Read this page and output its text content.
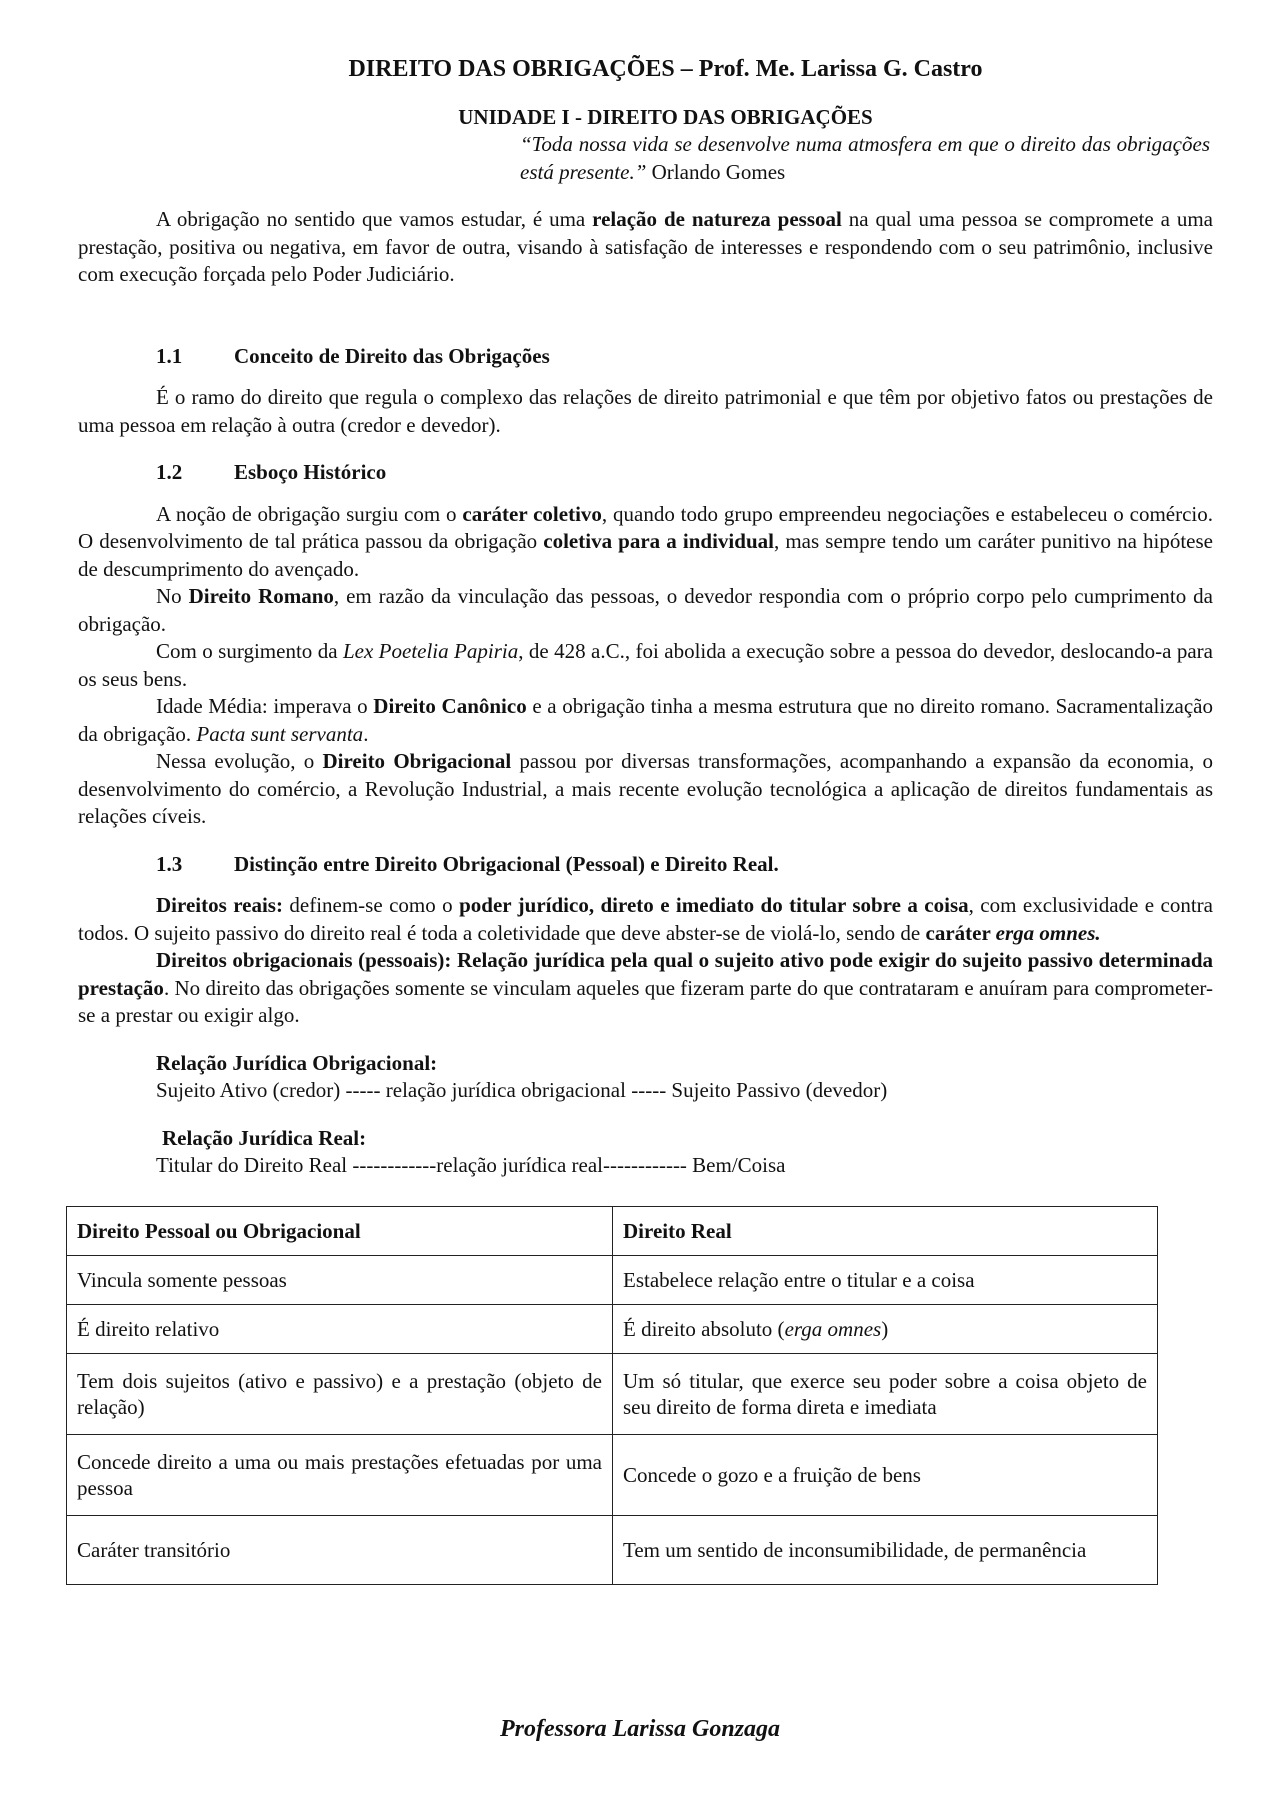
DIREITO DAS OBRIGAÇÕES – Prof. Me. Larissa G. Castro

UNIDADE I - DIREITO DAS OBRIGAÇÕES

“Toda nossa vida se desenvolve numa atmosfera em que o direito das obrigações está presente.” Orlando Gomes

A obrigação no sentido que vamos estudar, é uma relação de natureza pessoal na qual uma pessoa se compromete a uma prestação, positiva ou negativa, em favor de outra, visando à satisfação de interesses e respondendo com o seu patrimônio, inclusive com execução forçada pelo Poder Judiciário.

1.1 Conceito de Direito das Obrigações

É o ramo do direito que regula o complexo das relações de direito patrimonial e que têm por objetivo fatos ou prestações de uma pessoa em relação à outra (credor e devedor).

1.2 Esboço Histórico

A noção de obrigação surgiu com o caráter coletivo, quando todo grupo empreendeu negociações e estabeleceu o comércio. O desenvolvimento de tal prática passou da obrigação coletiva para a individual, mas sempre tendo um caráter punitivo na hipótese de descumprimento do avençado.

No Direito Romano, em razão da vinculação das pessoas, o devedor respondia com o próprio corpo pelo cumprimento da obrigação.

Com o surgimento da Lex Poetelia Papiria, de 428 a.C., foi abolida a execução sobre a pessoa do devedor, deslocando-a para os seus bens.

Idade Média: imperava o Direito Canônico e a obrigação tinha a mesma estrutura que no direito romano. Sacramentalização da obrigação. Pacta sunt servanta.

Nessa evolução, o Direito Obrigacional passou por diversas transformações, acompanhando a expansão da economia, o desenvolvimento do comércio, a Revolução Industrial, a mais recente evolução tecnológica a aplicação de direitos fundamentais as relações cíveis.

1.3 Distinção entre Direito Obrigacional (Pessoal) e Direito Real.

Direitos reais: definem-se como o poder jurídico, direto e imediato do titular sobre a coisa, com exclusividade e contra todos. O sujeito passivo do direito real é toda a coletividade que deve abster-se de violá-lo, sendo de caráter erga omnes.

Direitos obrigacionais (pessoais): Relação jurídica pela qual o sujeito ativo pode exigir do sujeito passivo determinada prestação. No direito das obrigações somente se vinculam aqueles que fizeram parte do que contrataram e anuíram para comprometer-se a prestar ou exigir algo.

Relação Jurídica Obrigacional:

Sujeito Ativo (credor) ----- relação jurídica obrigacional ----- Sujeito Passivo (devedor)

Relação Jurídica Real:

Titular do Direito Real ------------relação jurídica real------------ Bem/Coisa

Direito Pessoal ou Obrigacional	Direito Real
Vincula somente pessoas	Estabelece relação entre o titular e a coisa
É direito relativo	É direito absoluto (erga omnes)
Tem dois sujeitos (ativo e passivo) e a prestação (objeto de relação)	Um só titular, que exerce seu poder sobre a coisa objeto de seu direito de forma direta e imediata
Concede direito a uma ou mais prestações efetuadas por uma pessoa	Concede o gozo e a fruição de bens
Caráter transitório	Tem um sentido de inconsumibilidade, de permanência
Professora Larissa Gonzaga
